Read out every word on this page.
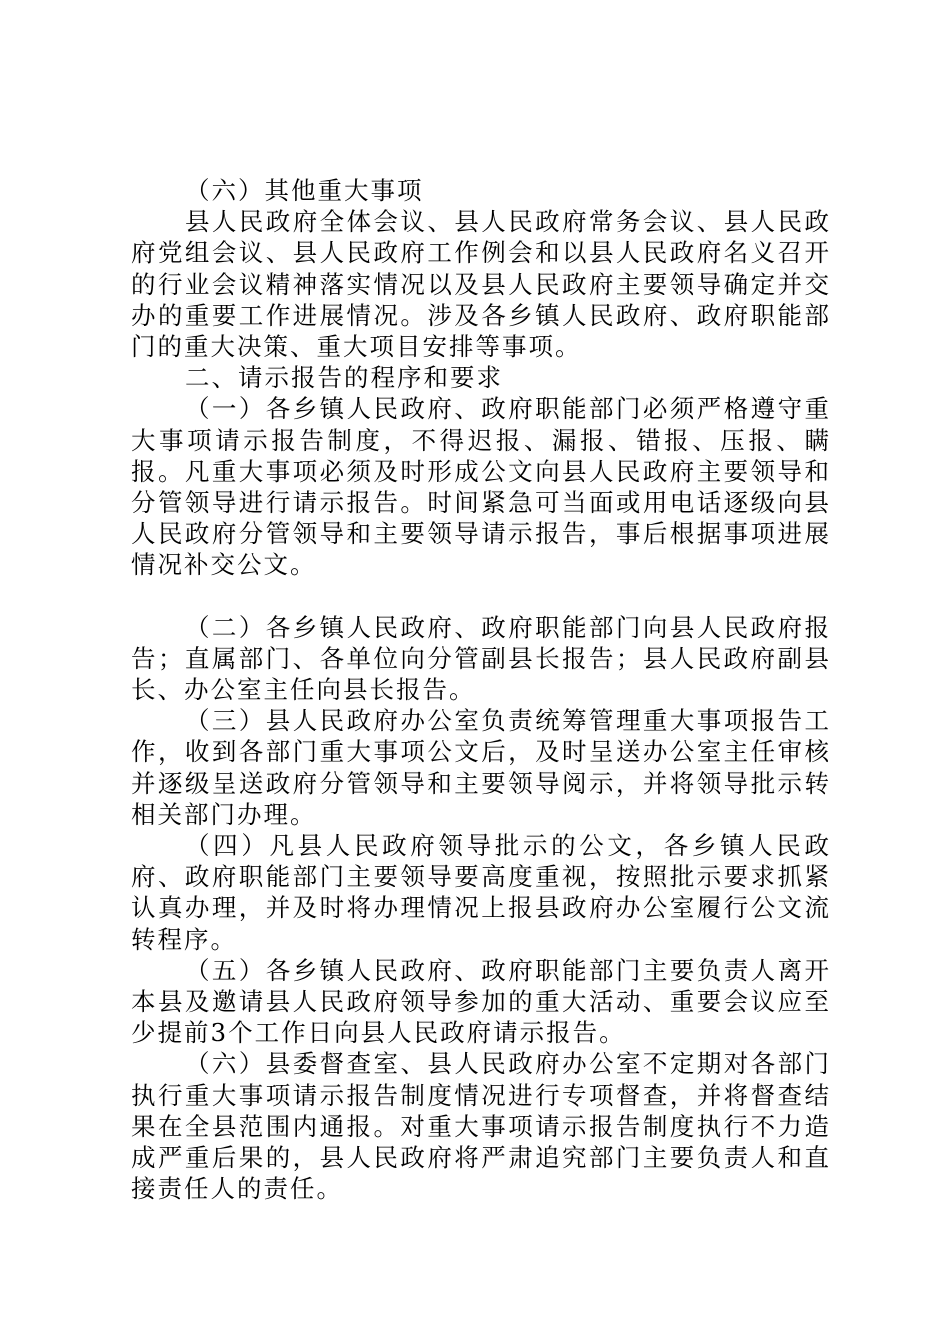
（六）其他重大事项

县人民政府全体会议、县人民政府常务会议、县人民政府党组会议、县人民政府工作例会和以县人民政府名义召开的行业会议精神落实情况以及县人民政府主要领导确定并交办的重要工作进展情况。涉及各乡镇人民政府、政府职能部门的重大决策、重大项目安排等事项。

二、请示报告的程序和要求

（一）各乡镇人民政府、政府职能部门必须严格遵守重大事项请示报告制度，不得迟报、漏报、错报、压报、瞒报。凡重大事项必须及时形成公文向县人民政府主要领导和分管领导进行请示报告。时间紧急可当面或用电话逐级向县人民政府分管领导和主要领导请示报告，事后根据事项进展情况补交公文。

（二）各乡镇人民政府、政府职能部门向县人民政府报告；直属部门、各单位向分管副县长报告；县人民政府副县长、办公室主任向县长报告。

（三）县人民政府办公室负责统筹管理重大事项报告工作，收到各部门重大事项公文后，及时呈送办公室主任审核并逐级呈送政府分管领导和主要领导阅示，并将领导批示转相关部门办理。

（四）凡县人民政府领导批示的公文，各乡镇人民政府、政府职能部门主要领导要高度重视，按照批示要求抓紧认真办理，并及时将办理情况上报县政府办公室履行公文流转程序。

（五）各乡镇人民政府、政府职能部门主要负责人离开本县及邀请县人民政府领导参加的重大活动、重要会议应至少提前3个工作日向县人民政府请示报告。

（六）县委督查室、县人民政府办公室不定期对各部门执行重大事项请示报告制度情况进行专项督查，并将督查结果在全县范围内通报。对重大事项请示报告制度执行不力造成严重后果的，县人民政府将严肃追究部门主要负责人和直接责任人的责任。
